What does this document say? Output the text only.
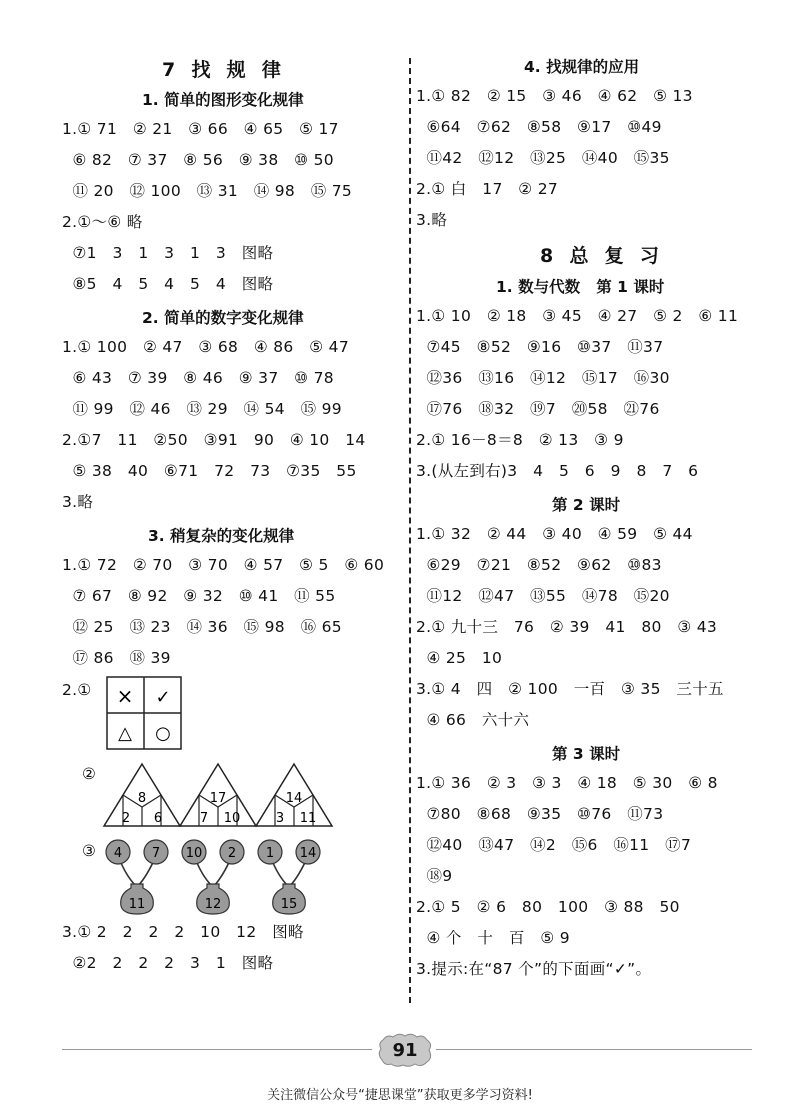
7  找  规  律
1. 简单的图形变化规律
1.① 71   ② 21   ③ 66   ④ 65   ⑤ 17
⑥ 82   ⑦ 37   ⑧ 56   ⑨ 38   ⑩ 50
⑪ 20   ⑫ 100   ⑬ 31   ⑭ 98   ⑮ 75
2.①～⑥ 略
⑦1   3   1   3   1   3   图略
⑧5   4   5   4   5   4   图略
2. 简单的数字变化规律
1.① 100   ② 47   ③ 68   ④ 86   ⑤ 47
⑥ 43   ⑦ 39   ⑧ 46   ⑨ 37   ⑩ 78
⑪ 99   ⑫ 46   ⑬ 29   ⑭ 54   ⑮ 99
2.①7   11   ②50   ③91   90   ④ 10   14
⑤ 38   40   ⑥71   72   73   ⑦35   55
3.略
3. 稍复杂的变化规律
1.① 72   ② 70   ③ 70   ④ 57   ⑤ 5   ⑥ 60
⑦ 67   ⑧ 92   ⑨ 32   ⑩ 41   ⑪ 55
⑫ 25   ⑬ 23   ⑭ 36   ⑮ 98   ⑯ 65
⑰ 86   ⑱ 39
2.① × ✓
△ ○
②
8
2 6
17
7 10
14
3 11
③ 4 7
11
10 2
12
1 14
15
3.① 2   2   2   2   10   12   图略
②2   2   2   2   3   1   图略
4. 找规律的应用
1.① 82   ② 15   ③ 46   ④ 62   ⑤ 13
⑥64   ⑦62   ⑧58   ⑨17   ⑩49
⑪42   ⑫12   ⑬25   ⑭40   ⑮35
2.① 白   17   ② 27
3.略
8  总  复  习
1. 数与代数   第 1 课时
1.① 10   ② 18   ③ 45   ④ 27   ⑤ 2   ⑥ 11
⑦45   ⑧52   ⑨16   ⑩37   ⑪37
⑫36   ⑬16   ⑭12   ⑮17   ⑯30
⑰76   ⑱32   ⑲7   ⑳58   ㉑76
2.① 16－8＝8   ② 13   ③ 9
3.(从左到右)3   4   5   6   9   8   7   6
第 2 课时
1.① 32   ② 44   ③ 40   ④ 59   ⑤ 44
⑥29   ⑦21   ⑧52   ⑨62   ⑩83
⑪12   ⑫47   ⑬55   ⑭78   ⑮20
2.① 九十三   76   ② 39   41   80   ③ 43
④ 25   10
3.① 4   四   ② 100   一百   ③ 35   三十五
④ 66   六十六
第 3 课时
1.① 36   ② 3   ③ 3   ④ 18   ⑤ 30   ⑥ 8
⑦80   ⑧68   ⑨35   ⑩76   ⑪73
⑫40   ⑬47   ⑭2   ⑮6   ⑯11   ⑰7
⑱9
2.① 5   ② 6   80   100   ③ 88   50
④ 个   十   百   ⑤ 9
3.提示:在“87 个”的下面画“✓”。
91
关注微信公众号“捷思课堂”获取更多学习资料!
